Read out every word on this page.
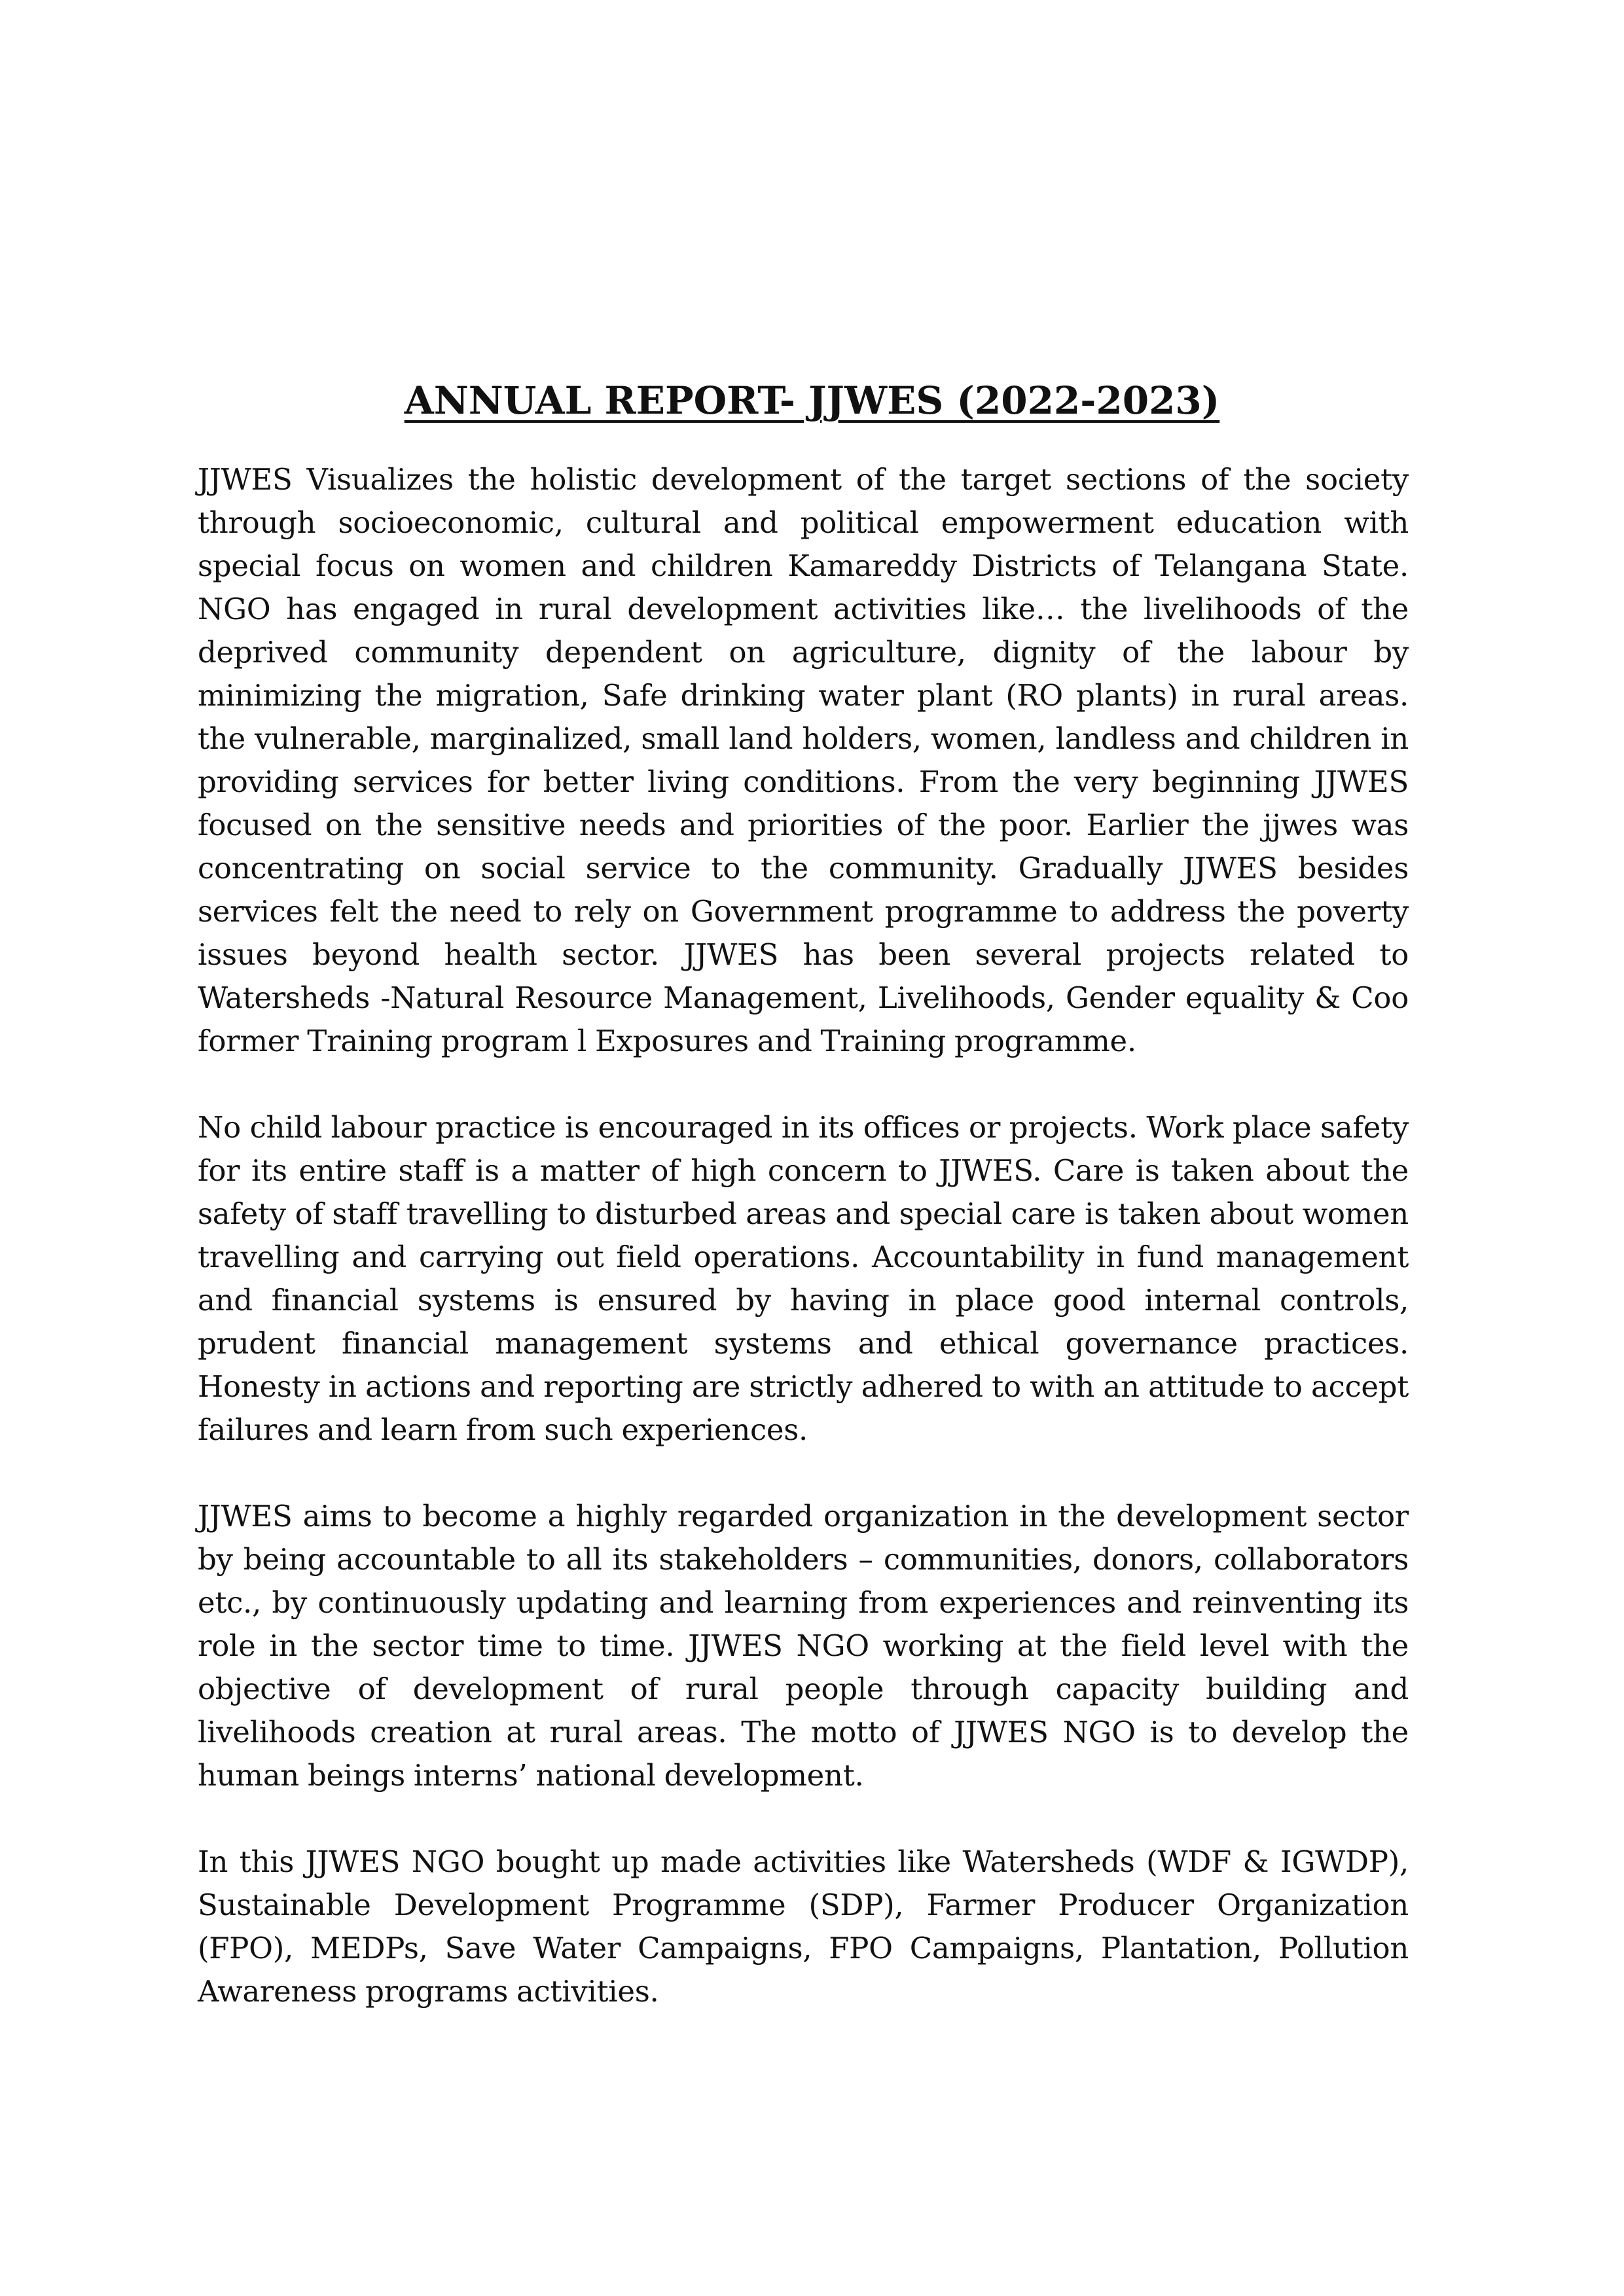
ANNUAL REPORT- JJWES (2022-2023)

JJWES Visualizes the holistic development of the target sections of the society through socioeconomic, cultural and political empowerment education with special focus on women and children Kamareddy Districts of Telangana State. NGO has engaged in rural development activities like… the livelihoods of the deprived community dependent on agriculture, dignity of the labour by minimizing the migration, Safe drinking water plant (RO plants) in rural areas. the vulnerable, marginalized, small land holders, women, landless and children in providing services for better living conditions. From the very beginning JJWES focused on the sensitive needs and priorities of the poor. Earlier the jjwes was concentrating on social service to the community. Gradually JJWES besides services felt the need to rely on Government programme to address the poverty issues beyond health sector. JJWES has been several projects related to Watersheds -Natural Resource Management, Livelihoods, Gender equality & Coo former Training program l Exposures and Training programme.

No child labour practice is encouraged in its offices or projects. Work place safety for its entire staff is a matter of high concern to JJWES. Care is taken about the safety of staff travelling to disturbed areas and special care is taken about women travelling and carrying out field operations. Accountability in fund management and financial systems is ensured by having in place good internal controls, prudent financial management systems and ethical governance practices. Honesty in actions and reporting are strictly adhered to with an attitude to accept failures and learn from such experiences.

JJWES aims to become a highly regarded organization in the development sector by being accountable to all its stakeholders – communities, donors, collaborators etc., by continuously updating and learning from experiences and reinventing its role in the sector time to time. JJWES NGO working at the field level with the objective of development of rural people through capacity building and livelihoods creation at rural areas. The motto of JJWES NGO is to develop the human beings interns’ national development.

In this JJWES NGO bought up made activities like Watersheds (WDF & IGWDP), Sustainable Development Programme (SDP), Farmer Producer Organization (FPO), MEDPs, Save Water Campaigns, FPO Campaigns, Plantation, Pollution Awareness programs activities.
